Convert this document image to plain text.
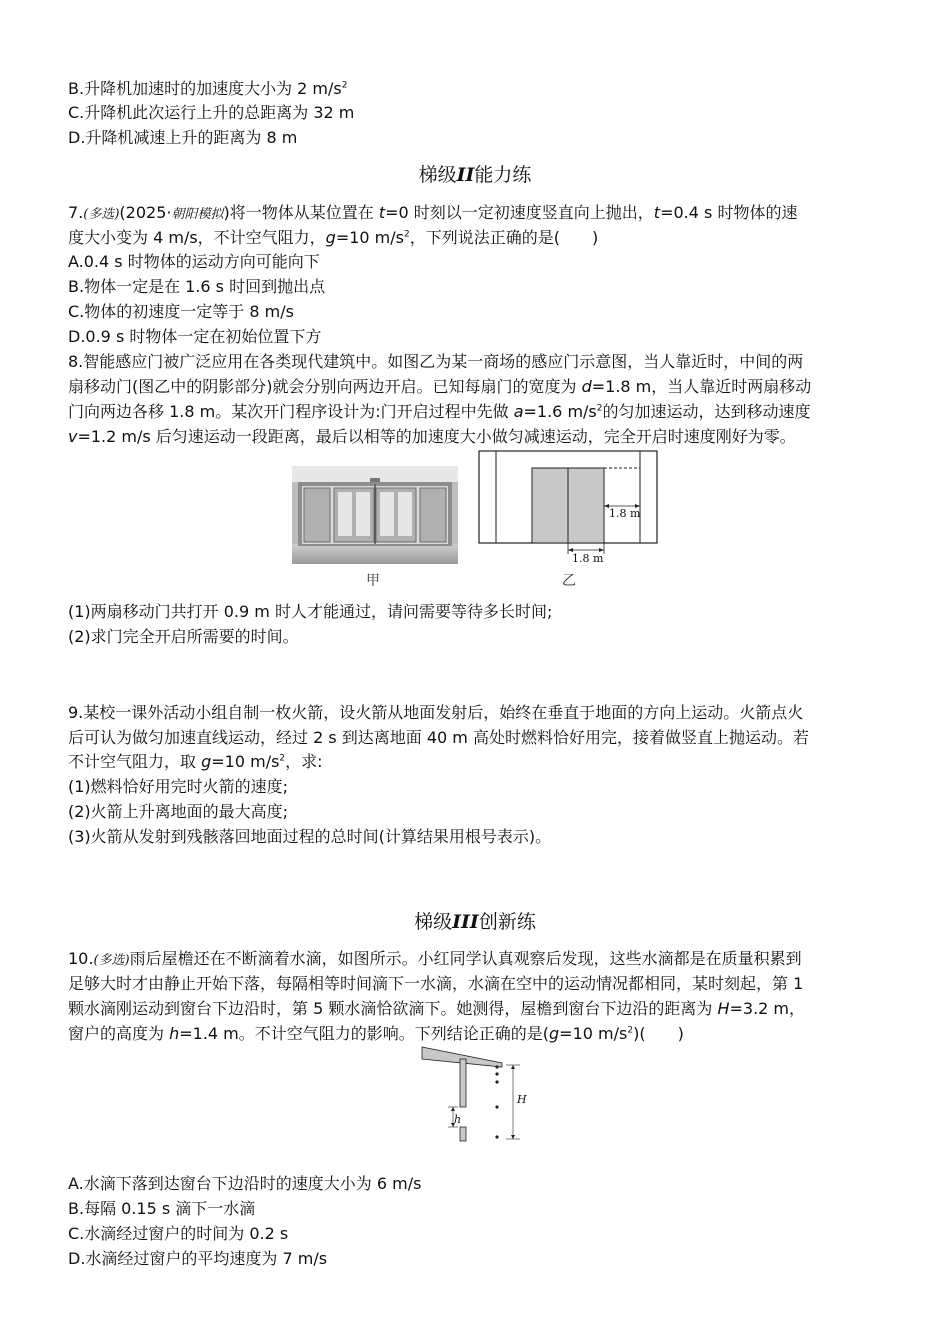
B.升降机加速时的加速度大小为 2 $m/s^2$
C.升降机此次运行上升的总距离为 32 m
D.升降机减速上升的距离为 8 m
梯级II能力练
7.(多选)(2025·朝阳模拟)将一物体从某位置在 t=0 时刻以一定初速度竖直向上抛出，t=0.4 s 时物体的速
度大小变为 4 m/s，不计空气阻力，g=10 $m/s^2$，下列说法正确的是(　　)
A.0.4 s 时物体的运动方向可能向下
B.物体一定是在 1.6 s 时回到抛出点
C.物体的初速度一定等于 8 m/s
D.0.9 s 时物体一定在初始位置下方
8.智能感应门被广泛应用在各类现代建筑中。如图乙为某一商场的感应门示意图，当人靠近时，中间的两
扇移动门(图乙中的阴影部分)就会分别向两边开启。已知每扇门的宽度为 d=1.8 m，当人靠近时两扇移动
门向两边各移 1.8 m。某次开门程序设计为:门开启过程中先做 a=1.6 $m/s^2$的匀加速运动，达到移动速度
v=1.2 m/s 后匀速运动一段距离，最后以相等的加速度大小做匀减速运动，完全开启时速度刚好为零。
甲
1.8 m
1.8 m
乙
(1)两扇移动门共打开 0.9 m 时人才能通过，请问需要等待多长时间;
(2)求门完全开启所需要的时间。
9.某校一课外活动小组自制一枚火箭，设火箭从地面发射后，始终在垂直于地面的方向上运动。火箭点火
后可认为做匀加速直线运动，经过 2 s 到达离地面 40 m 高处时燃料恰好用完，接着做竖直上抛运动。若
不计空气阻力，取 g=10 $m/s^2$，求:
(1)燃料恰好用完时火箭的速度;
(2)火箭上升离地面的最大高度;
(3)火箭从发射到残骸落回地面过程的总时间(计算结果用根号表示)。
梯级III创新练
10.(多选)雨后屋檐还在不断滴着水滴，如图所示。小红同学认真观察后发现，这些水滴都是在质量积累到
足够大时才由静止开始下落，每隔相等时间滴下一水滴，水滴在空中的运动情况都相同，某时刻起，第 1
颗水滴刚运动到窗台下边沿时，第 5 颗水滴恰欲滴下。她测得，屋檐到窗台下边沿的距离为 H=3.2 m，
窗户的高度为 h=1.4 m。不计空气阻力的影响。下列结论正确的是(g=10 $m/s^2$)(　　)
h
H
A.水滴下落到达窗台下边沿时的速度大小为 6 m/s
B.每隔 0.15 s 滴下一水滴
C.水滴经过窗户的时间为 0.2 s
D.水滴经过窗户的平均速度为 7 m/s
